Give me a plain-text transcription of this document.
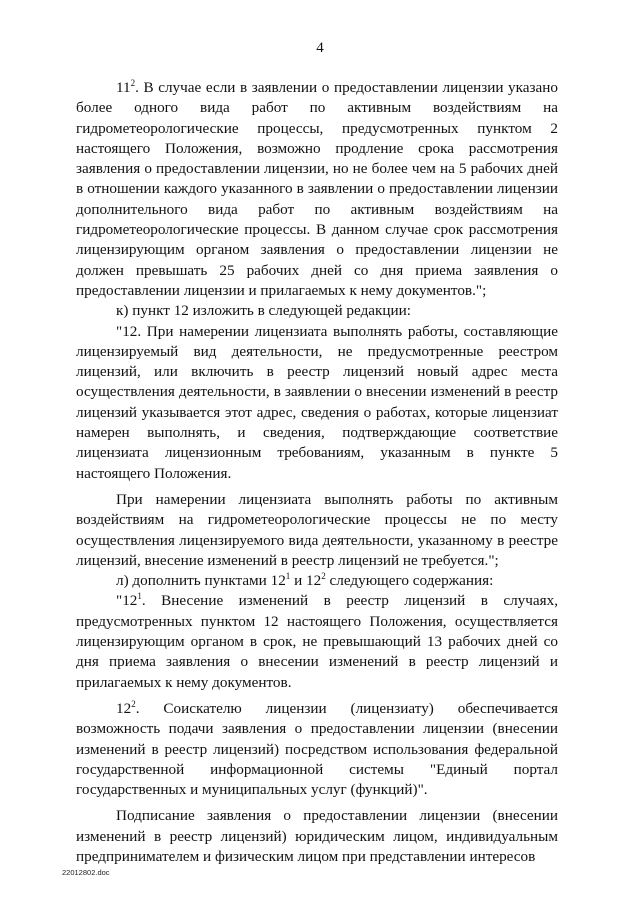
4

$11^2$. В случае если в заявлении о предоставлении лицензии указано более одного вида работ по активным воздействиям на гидрометеорологические процессы, предусмотренных пунктом 2 настоящего Положения, возможно продление срока рассмотрения заявления о предоставлении лицензии, но не более чем на 5 рабочих дней в отношении каждого указанного в заявлении о предоставлении лицензии дополнительного вида работ по активным воздействиям на гидрометеорологические процессы. В данном случае срок рассмотрения лицензирующим органом заявления о предоставлении лицензии не должен превышать 25 рабочих дней со дня приема заявления о предоставлении лицензии и прилагаемых к нему документов.";

к) пункт 12 изложить в следующей редакции:

"12. При намерении лицензиата выполнять работы, составляющие лицензируемый вид деятельности, не предусмотренные реестром лицензий, или включить в реестр лицензий новый адрес места осуществления деятельности, в заявлении о внесении изменений в реестр лицензий указывается этот адрес, сведения о работах, которые лицензиат намерен выполнять, и сведения, подтверждающие соответствие лицензиата лицензионным требованиям, указанным в пункте 5 настоящего Положения.

При намерении лицензиата выполнять работы по активным воздействиям на гидрометеорологические процессы не по месту осуществления лицензируемого вида деятельности, указанному в реестре лицензий, внесение изменений в реестр лицензий не требуется.";

л) дополнить пунктами $12^1$ и $12^2$ следующего содержания:

"$12^1$. Внесение изменений в реестр лицензий в случаях, предусмотренных пунктом 12 настоящего Положения, осуществляется лицензирующим органом в срок, не превышающий 13 рабочих дней со дня приема заявления о внесении изменений в реестр лицензий и прилагаемых к нему документов.

$12^2$. Соискателю лицензии (лицензиату) обеспечивается возможность подачи заявления о предоставлении лицензии (внесении изменений в реестр лицензий) посредством использования федеральной государственной информационной системы "Единый портал государственных и муниципальных услуг (функций)".

Подписание заявления о предоставлении лицензии (внесении изменений в реестр лицензий) юридическим лицом, индивидуальным предпринимателем и физическим лицом при представлении интересов

22012802.doc
